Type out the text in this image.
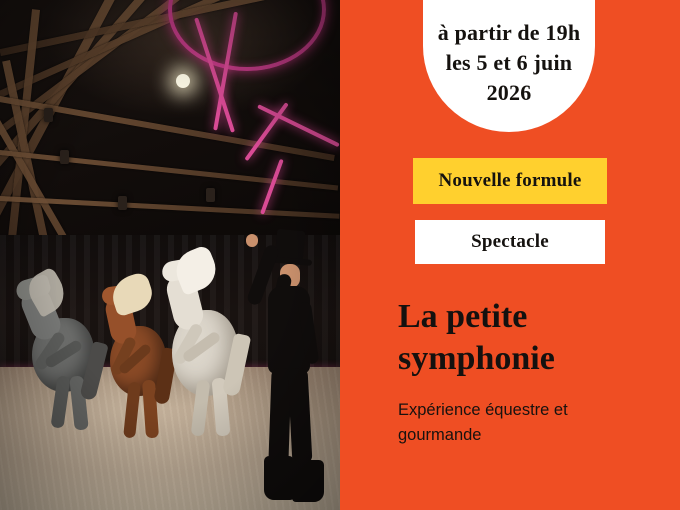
à partir de 19h
les 5 et 6 juin
2026
Nouvelle formule
Spectacle
La petite symphonie
Expérience équestre et gourmande
